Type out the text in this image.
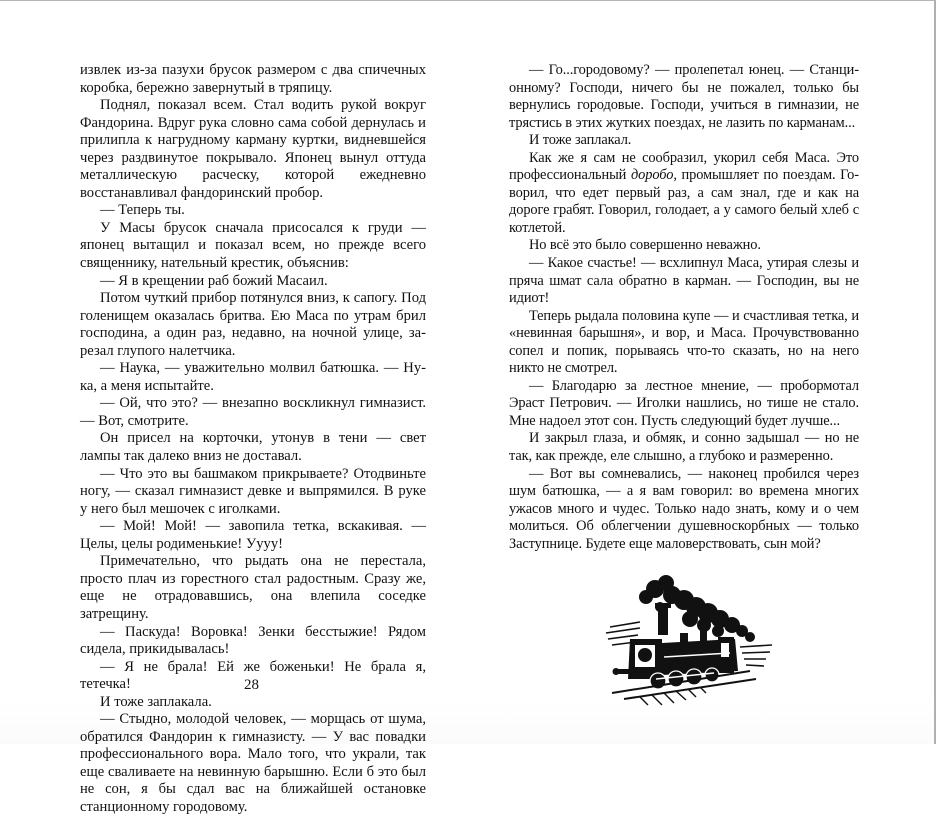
извлек из-за пазухи брусок размером с два спичечных коробка, бережно завернутый в тряпицу.

Поднял, показал всем. Стал водить рукой вокруг Фандорина. Вдруг рука словно сама собой дернулась и прилипла к нагрудному карману куртки, видневшейся через раздвинутое покрывало. Японец вынул оттуда металлическую расческу, которой ежедневно восстанавливал фандоринский пробор.

— Теперь ты.

У Масы брусок сначала присосался к груди — японец вытащил и показал всем, но прежде всего священнику, нательный крестик, объяснив:

— Я в крещении раб божий Масаил.

Потом чуткий прибор потянулся вниз, к сапогу. Под голенищем оказалась бритва. Ею Маса по утрам брил господина, а один раз, недавно, на ночной улице, зарезал глупого налетчика.

— Наука, — уважительно молвил батюшка. — Ну-ка, а меня испытайте.

— Ой, что это? — внезапно воскликнул гимназист. — Вот, смотрите.

Он присел на корточки, утонув в тени — свет лампы так далеко вниз не доставал.

— Что это вы башмаком прикрываете? Отодвиньте ногу, — сказал гимназист девке и выпрямился. В руке у него был мешочек с иголками.

— Мой! Мой! — завопила тетка, вскакивая. — Целы, целы родименькие! Уууу!

Примечательно, что рыдать она не перестала, просто плач из горестного стал радостным. Сразу же, еще не отрадовавшись, она влепила соседке затрещину.

— Паскуда! Воровка! Зенки бесстыжие! Рядом сидела, прикидывалась!

— Я не брала! Ей же боженьки! Не брала я, тетечка!

И тоже заплакала.

— Стыдно, молодой человек, — морщась от шума, обратился Фандорин к гимназисту. — У вас повадки профессионального вора. Мало того, что украли, так еще сваливаете на невинную барышню. Если б это был не сон, я бы сдал вас на ближайшей остановке станционному городовому.

28

— Го...городовому? — пролепетал юнец. — Станционному? Господи, ничего бы не пожалел, только бы вернулись городовые. Господи, учиться в гимназии, не трястись в этих жутких поездах, не лазить по карманам...

И тоже заплакал.

Как же я сам не сообразил, укорил себя Маса. Это профессиональный доробо, промышляет по поездам. Говорил, что едет первый раз, а сам знал, где и как на дороге грабят. Говорил, голодает, а у самого белый хлеб с котлетой.

Но всё это было совершенно неважно.

— Какое счастье! — всхлипнул Маса, утирая слезы и пряча шмат сала обратно в карман. — Господин, вы не идиот!

Теперь рыдала половина купе — и счастливая тетка, и «невинная барышня», и вор, и Маса. Прочувствованно сопел и попик, порываясь что-то сказать, но на него никто не смотрел.

— Благодарю за лестное мнение, — пробормотал Эраст Петрович. — Иголки нашлись, но тише не стало. Мне надоел этот сон. Пусть следующий будет лучше...

И закрыл глаза, и обмяк, и сонно задышал — но не так, как прежде, еле слышно, а глубоко и размеренно.

— Вот вы сомневались, — наконец пробился через шум батюшка, — а я вам говорил: во времена многих ужасов много и чудес. Только надо знать, кому и о чем молиться. Об облегчении душевноскорбных — только Заступнице. Будете еще маловерствовать, сын мой?
